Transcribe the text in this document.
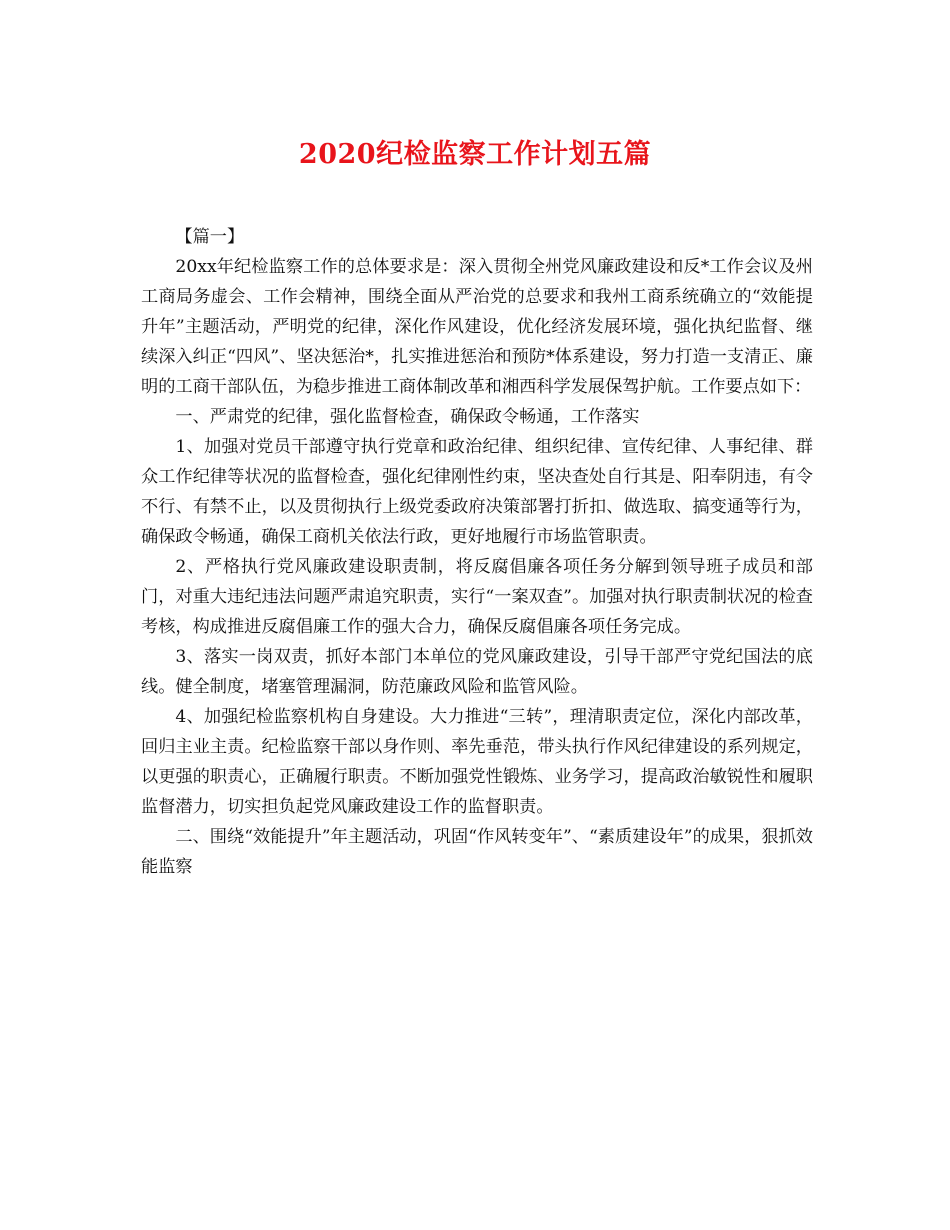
2020纪检监察工作计划五篇

【篇一】

20xx年纪检监察工作的总体要求是：深入贯彻全州党风廉政建设和反*工作会议及州工商局务虚会、工作会精神，围绕全面从严治党的总要求和我州工商系统确立的“效能提升年”主题活动，严明党的纪律，深化作风建设，优化经济发展环境，强化执纪监督、继续深入纠正“四风”、坚决惩治*，扎实推进惩治和预防*体系建设，努力打造一支清正、廉明的工商干部队伍，为稳步推进工商体制改革和湘西科学发展保驾护航。工作要点如下：

一、严肃党的纪律，强化监督检查，确保政令畅通，工作落实

1、加强对党员干部遵守执行党章和政治纪律、组织纪律、宣传纪律、人事纪律、群众工作纪律等状况的监督检查，强化纪律刚性约束，坚决查处自行其是、阳奉阴违，有令不行、有禁不止，以及贯彻执行上级党委政府决策部署打折扣、做选取、搞变通等行为，确保政令畅通，确保工商机关依法行政，更好地履行市场监管职责。

2、严格执行党风廉政建设职责制，将反腐倡廉各项任务分解到领导班子成员和部门，对重大违纪违法问题严肃追究职责，实行“一案双查”。加强对执行职责制状况的检查考核，构成推进反腐倡廉工作的强大合力，确保反腐倡廉各项任务完成。

3、落实一岗双责，抓好本部门本单位的党风廉政建设，引导干部严守党纪国法的底线。健全制度，堵塞管理漏洞，防范廉政风险和监管风险。

4、加强纪检监察机构自身建设。大力推进“三转”，理清职责定位，深化内部改革，回归主业主责。纪检监察干部以身作则、率先垂范，带头执行作风纪律建设的系列规定，以更强的职责心，正确履行职责。不断加强党性锻炼、业务学习，提高政治敏锐性和履职监督潜力，切实担负起党风廉政建设工作的监督职责。

二、围绕“效能提升”年主题活动，巩固“作风转变年”、“素质建设年”的成果，狠抓效能监察
